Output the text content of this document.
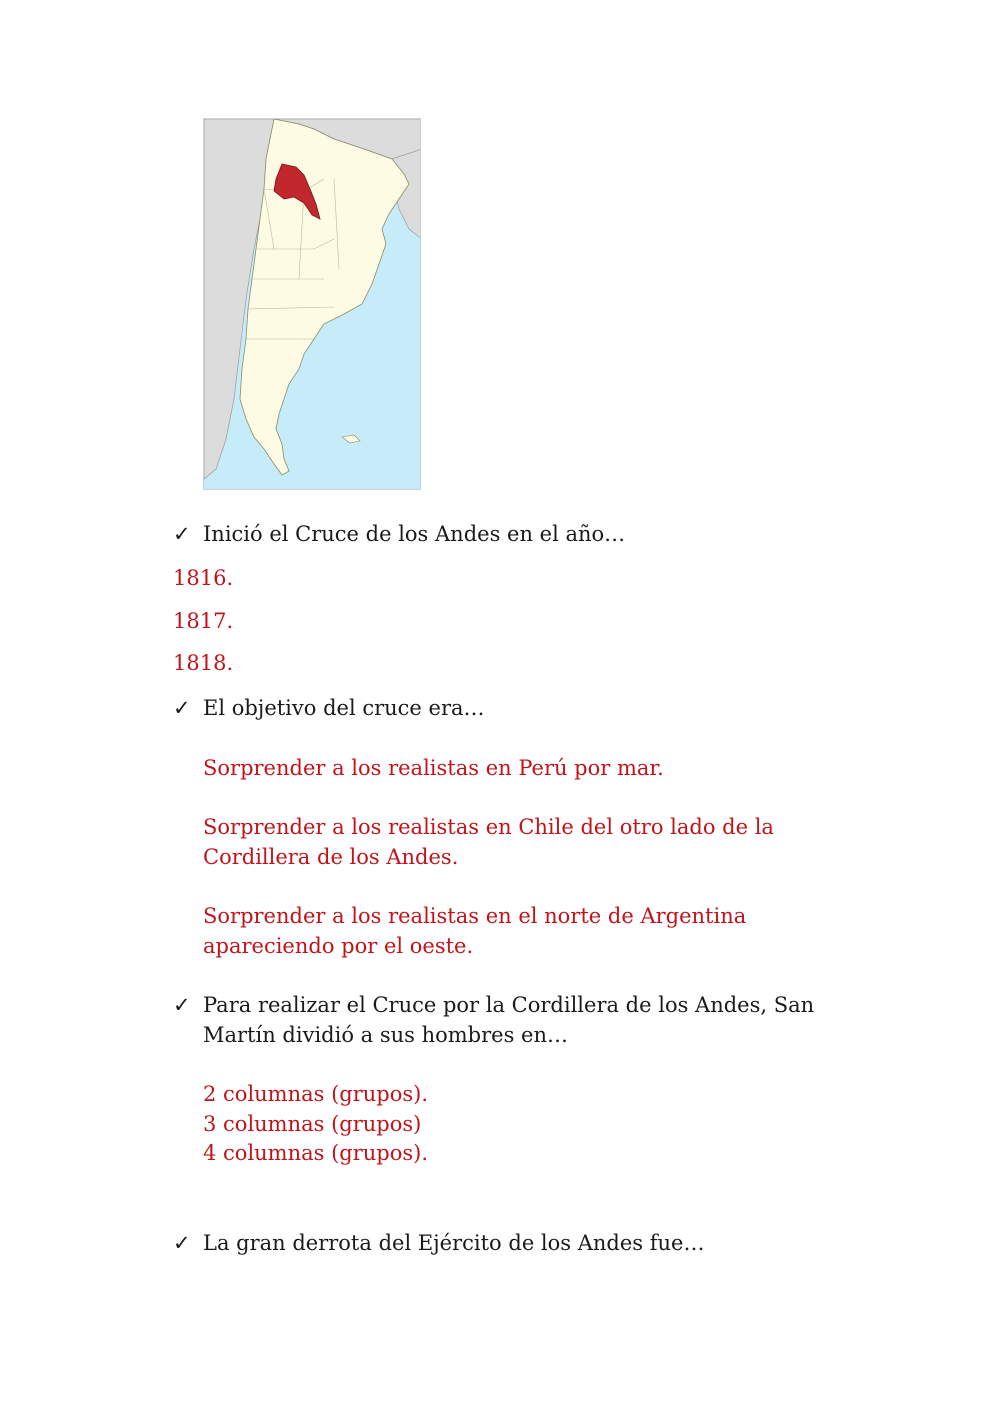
✓ Inició el Cruce de los Andes en el año…
1816.
1817.
1818.
✓ El objetivo del cruce era…
Sorprender a los realistas en Perú por mar.
Sorprender a los realistas en Chile del otro lado de la Cordillera de los Andes.
Sorprender a los realistas en el norte de Argentina apareciendo por el oeste.
✓ Para realizar el Cruce por la Cordillera de los Andes, San Martín dividió a sus hombres en…
2 columnas (grupos).
3 columnas (grupos)
4 columnas (grupos).
✓ La gran derrota del Ejército de los Andes fue…
